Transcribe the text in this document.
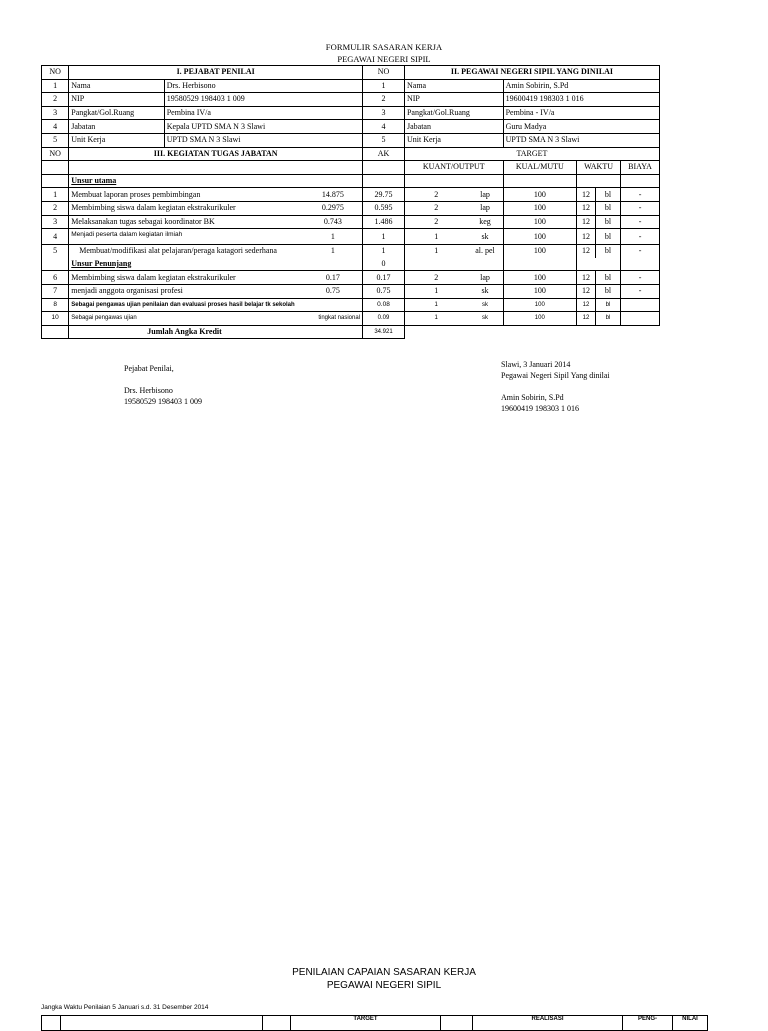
FORMULIR SASARAN KERJA
PEGAWAI NEGERI SIPIL
NO	I. PEJABAT PENILAI			NO	II. PEGAWAI NEGERI SIPIL YANG DINILAI					
1	Nama	Drs. Herbisono		1	Nama		Amin Sobirin, S.Pd			
2	NIP	19580529 198403 1 009		2	NIP		19600419 198303 1 016			
3	Pangkat/Gol.Ruang	Pembina IV/a		3	Pangkat/Gol.Ruang		Pembina - IV/a			
4	Jabatan	Kepala UPTD SMA N 3 Slawi		4	Jabatan		Guru Madya			
5	Unit Kerja	UPTD SMA N 3 Slawi		5	Unit Kerja		UPTD SMA N 3 Slawi			
NO	III. KEGIATAN TUGAS JABATAN			AK	TARGET					
					KUANT/OUTPUT		KUAL/MUTU	WAKTU		BIAYA
	Unsur utama									
1	Membuat laporan proses pembimbingan		14.875	29.75	2	lap	100	12	bl	-
2	Membimbing siswa dalam kegiatan ekstrakurikuler		0.2975	0.595	2	lap	100	12	bl	-
3	Melaksanakan tugas sebagai koordinator BK		0.743	1.486	2	keg	100	12	bl	-
4	Menjadi peserta dalam kegiatan ilmiah		1	1	1	sk	100	12	bl	-
5	Membuat/modifikasi alat pelajaran/peraga katagori sederhana		1	1	1	al. pel	100	12	bl	-
	Unsur Penunjang			0						
6	Membimbing siswa dalam kegiatan ekstrakurikuler		0.17	0.17	2	lap	100	12	bl	-
7	menjadi anggota organisasi profesi		0.75	0.75	1	sk	100	12	bl	-
8	Sebagai pengawas ujian penilaian dan evaluasi proses hasil belajar tk sekolah			0.08	1	sk	100	12	bl	
10	Sebagai pengawas ujian		tingkat nasional	0.09	1	sk	100	12	bl	
	Jumlah Angka Kredit			34.921						
Pejabat Penilai,
Drs. Herbisono
19580529 198403 1 009
Slawi, 3 Januari 2014
Pegawai Negeri Sipil Yang dinilai
Amin Sobirin, S.Pd
19600419 198303 1 016
PENILAIAN CAPAIAN SASARAN KERJA
PEGAWAI NEGERI SIPIL
Jangka Waktu Penilaian 5 Januari s.d. 31 Desember 2014
			TARGET		REALISASI	PENG-	NILAI
